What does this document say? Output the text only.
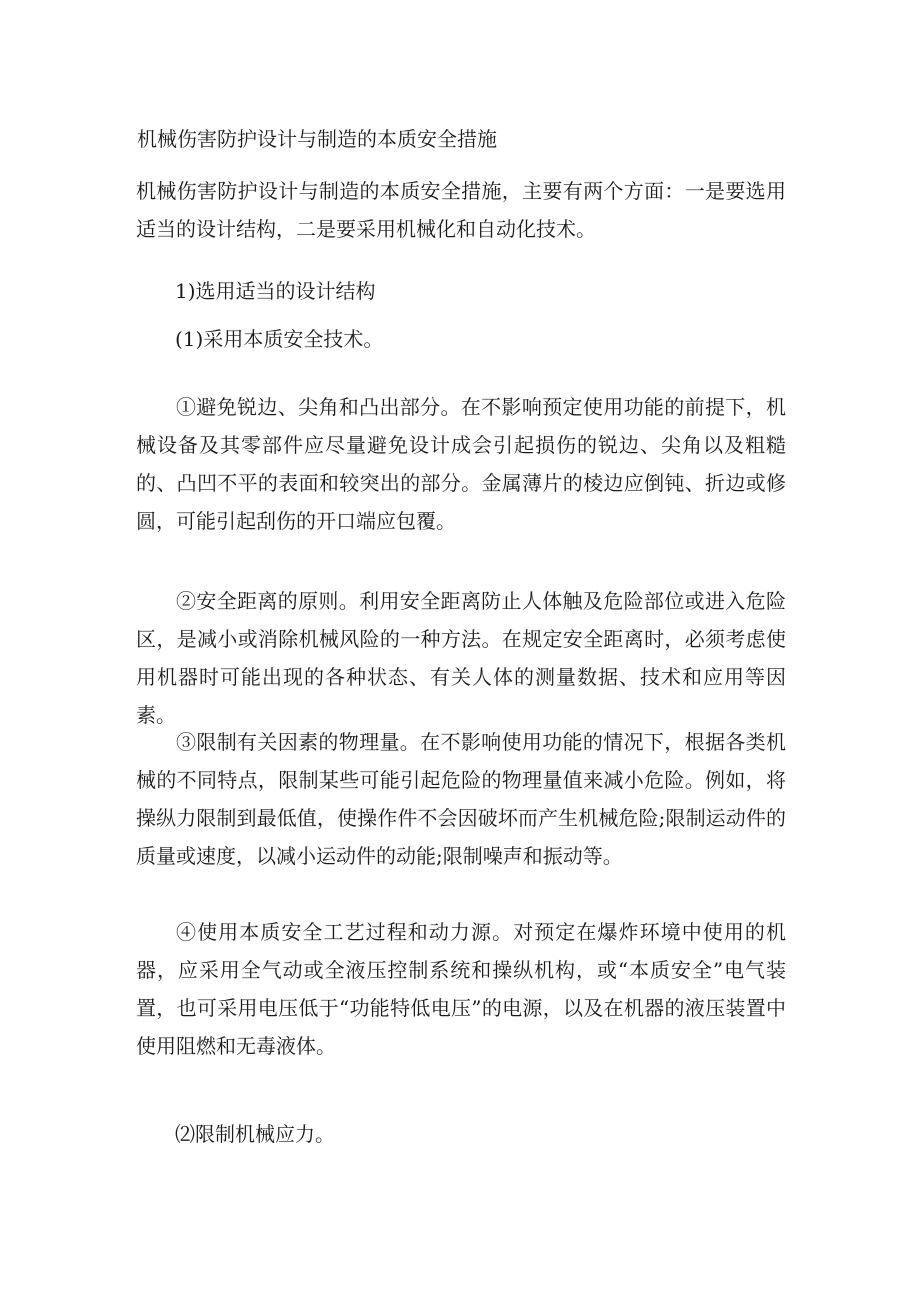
机械伤害防护设计与制造的本质安全措施
机械伤害防护设计与制造的本质安全措施，主要有两个方面：一是要选用适当的设计结构，二是要采用机械化和自动化技术。
1)选用适当的设计结构
(1)采用本质安全技术。
①避免锐边、尖角和凸出部分。在不影响预定使用功能的前提下，机械设备及其零部件应尽量避免设计成会引起损伤的锐边、尖角以及粗糙的、凸凹不平的表面和较突出的部分。金属薄片的棱边应倒钝、折边或修圆，可能引起刮伤的开口端应包覆。
②安全距离的原则。利用安全距离防止人体触及危险部位或进入危险区，是减小或消除机械风险的一种方法。在规定安全距离时，必须考虑使用机器时可能出现的各种状态、有关人体的测量数据、技术和应用等因素。
③限制有关因素的物理量。在不影响使用功能的情况下，根据各类机械的不同特点，限制某些可能引起危险的物理量值来减小危险。例如，将操纵力限制到最低值，使操作件不会因破坏而产生机械危险;限制运动件的质量或速度，以减小运动件的动能;限制噪声和振动等。
④使用本质安全工艺过程和动力源。对预定在爆炸环境中使用的机器，应采用全气动或全液压控制系统和操纵机构，或“本质安全”电气装置，也可采用电压低于“功能特低电压”的电源，以及在机器的液压装置中使用阻燃和无毒液体。
⑵限制机械应力。
